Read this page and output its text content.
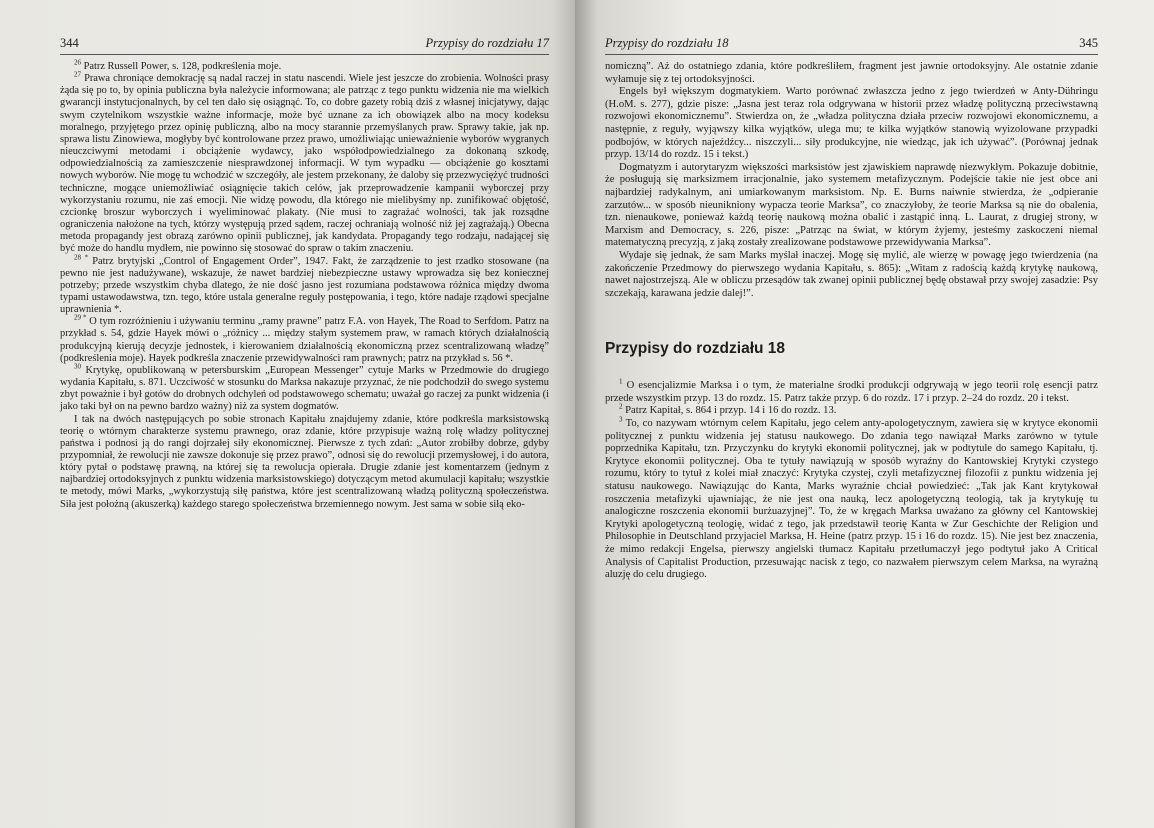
344	Przypisy do rozdziału 17

$^{26}$ Patrz Russell Power, s. 128, podkreślenia moje.

$^{27}$ Prawa chroniące demokrację są nadal raczej in statu nascendi. Wiele jest jeszcze do zrobienia. Wolności prasy żąda się po to, by opinia publiczna była należycie informowana; ale patrząc z tego punktu widzenia nie ma wielkich gwarancji instytucjonalnych, by cel ten dało się osiągnąć. To, co dobre gazety robią dziś z własnej inicjatywy, dając swym czytelnikom wszystkie ważne informacje, może być uznane za ich obowiązek albo na mocy kodeksu moralnego, przyjętego przez opinię publiczną, albo na mocy starannie przemyślanych praw. Sprawy takie, jak np. sprawa listu Zinowiewa, mogłyby być kontrolowane przez prawo, umożliwiając unieważnienie wyborów wygranych nieuczciwymi metodami i obciążenie wydawcy, jako współodpowiedzialnego za dokonaną szkodę, odpowiedzialnością za zamieszczenie niesprawdzonej informacji. W tym wypadku — obciążenie go kosztami nowych wyborów. Nie mogę tu wchodzić w szczegóły, ale jestem przekonany, że daloby się przezwyciężyć trudności techniczne, mogące uniemożliwiać osiągnięcie takich celów, jak przeprowadzenie kampanii wyborczej przy wykorzystaniu rozumu, nie zaś emocji. Nie widzę powodu, dla którego nie mielibyśmy np. zunifikować objętość, czcionkę broszur wyborczych i wyeliminować plakaty. (Nie musi to zagrażać wolności, tak jak rozsądne ograniczenia nałożone na tych, którzy występują przed sądem, raczej ochraniają wolność niż jej zagrażają.) Obecna metoda propagandy jest obrazą zarówno opinii publicznej, jak kandydata. Propagandy tego rodzaju, nadającej się być może do handlu mydłem, nie powinno się stosować do spraw o takim znaczeniu.

$^{28 *}$ Patrz brytyjski „Control of Engagement Order”, 1947. Fakt, że zarządzenie to jest rzadko stosowane (na pewno nie jest nadużywane), wskazuje, że nawet bardziej niebezpieczne ustawy wprowadza się bez koniecznej potrzeby; przede wszystkim chyba dlatego, że nie dość jasno jest rozumiana podstawowa różnica między dwoma typami ustawodawstwa, tzn. tego, które ustala generalne reguły postępowania, i tego, które nadaje rządowi specjalne uprawnienia *.

$^{29 *}$ O tym rozróżnieniu i używaniu terminu „ramy prawne” patrz F.A. von Hayek, The Road to Serfdom. Patrz na przykład s. 54, gdzie Hayek mówi o „różnicy ... między stałym systemem praw, w ramach których działalnością produkcyjną kierują decyzje jednostek, i kierowaniem działalnością ekonomiczną przez scentralizowaną władzę” (podkreślenia moje). Hayek podkreśla znaczenie przewidywalności ram prawnych; patrz na przykład s. 56 *.

$^{30}$ Krytykę, opublikowaną w petersburskim „European Messenger” cytuje Marks w Przedmowie do drugiego wydania Kapitału, s. 871. Uczciwość w stosunku do Marksa nakazuje przyznać, że nie podchodził do swego systemu zbyt poważnie i był gotów do drobnych odchyleń od podstawowego schematu; uważał go raczej za punkt widzenia (i jako taki był on na pewno bardzo ważny) niż za system dogmatów.

I tak na dwóch następujących po sobie stronach Kapitału znajdujemy zdanie, które podkreśla marksistowską teorię o wtórnym charakterze systemu prawnego, oraz zdanie, które przypisuje ważną rolę władzy politycznej państwa i podnosi ją do rangi dojrzałej siły ekonomicznej. Pierwsze z tych zdań: „Autor zrobiłby dobrze, gdyby przypomniał, że rewolucji nie zawsze dokonuje się przez prawo”, odnosi się do rewolucji przemysłowej, i do autora, który pytał o podstawę prawną, na której się ta rewolucja opierała. Drugie zdanie jest komentarzem (jednym z najbardziej ortodoksyjnych z punktu widzenia marksistowskiego) dotyczącym metod akumulacji kapitału; wszystkie te metody, mówi Marks, „wykorzystują siłę państwa, które jest scentralizowaną władzą polityczną społeczeństwa. Siła jest położną (akuszerką) każdego starego społeczeństwa brzemiennego nowym. Jest sama w sobie siłą eko-

Przypisy do rozdziału 18	345

nomiczną”. Aż do ostatniego zdania, które podkreśliłem, fragment jest jawnie ortodoksyjny. Ale ostatnie zdanie wyłamuje się z tej ortodoksyjności.

Engels był większym dogmatykiem. Warto porównać zwłaszcza jedno z jego twierdzeń w Anty-Dühringu (H.oM. s. 277), gdzie pisze: „Jasna jest teraz rola odgrywana w historii przez władzę polityczną przeciwstawną rozwojowi ekonomicznemu”. Stwierdza on, że „władza polityczna działa przeciw rozwojowi ekonomicznemu, a następnie, z reguły, wyjąwszy kilka wyjątków, ulega mu; te kilka wyjątków stanowią wyizolowane przypadki podbojów, w których najeźdźcy... niszczyli... siły produkcyjne, nie wiedząc, jak ich używać”. (Porównaj jednak przyp. 13/14 do rozdz. 15 i tekst.)

Dogmatyzm i autorytaryzm większości marksistów jest zjawiskiem naprawdę niezwykłym. Pokazuje dobitnie, że posługują się marksizmem irracjonalnie, jako systemem metafizycznym. Podejście takie nie jest obce ani najbardziej radykalnym, ani umiarkowanym marksistom. Np. E. Burns naiwnie stwierdza, że „odpieranie zarzutów... w sposób nieunikniony wypacza teorie Marksa”, co znaczyłoby, że teorie Marksa są nie do obalenia, tzn. nienaukowe, ponieważ każdą teorię naukową można obalić i zastąpić inną. L. Laurat, z drugiej strony, w Marxism and Democracy, s. 226, pisze: „Patrząc na świat, w którym żyjemy, jesteśmy zaskoczeni niemal matematyczną precyzją, z jaką zostały zrealizowane podstawowe przewidywania Marksa”.

Wydaje się jednak, że sam Marks myślał inaczej. Mogę się mylić, ale wierzę w powagę jego twierdzenia (na zakończenie Przedmowy do pierwszego wydania Kapitału, s. 865): „Witam z radością każdą krytykę naukową, nawet najostrzejszą. Ale w obliczu przesądów tak zwanej opinii publicznej będę obstawał przy swojej zasadzie: Psy szczekają, karawana jedzie dalej!”.

Przypisy do rozdziału 18

$^1$ O esencjalizmie Marksa i o tym, że materialne środki produkcji odgrywają w jego teorii rolę esencji patrz przede wszystkim przyp. 13 do rozdz. 15. Patrz także przyp. 6 do rozdz. 17 i przyp. 2–24 do rozdz. 20 i tekst.

$^2$ Patrz Kapitał, s. 864 i przyp. 14 i 16 do rozdz. 13.

$^3$ To, co nazywam wtórnym celem Kapitału, jego celem anty-apologetycznym, zawiera się w krytyce ekonomii politycznej z punktu widzenia jej statusu naukowego. Do zdania tego nawiązał Marks zarówno w tytule poprzednika Kapitału, tzn. Przyczynku do krytyki ekonomii politycznej, jak w podtytule do samego Kapitału, tj. Krytyce ekonomii politycznej. Oba te tytuły nawiązują w sposób wyraźny do Kantowskiej Krytyki czystego rozumu, który to tytuł z kolei miał znaczyć: Krytyka czystej, czyli metafizycznej filozofii z punktu widzenia jej statusu naukowego. Nawiązując do Kanta, Marks wyraźnie chciał powiedzieć: „Tak jak Kant krytykował roszczenia metafizyki ujawniając, że nie jest ona nauką, lecz apologetyczną teologią, tak ja krytykuję tu analogiczne roszczenia ekonomii burżuazyjnej”. To, że w kręgach Marksa uważano za główny cel Kantowskiej Krytyki apologetyczną teologię, widać z tego, jak przedstawił teorię Kanta w Zur Geschichte der Religion und Philosophie in Deutschland przyjaciel Marksa, H. Heine (patrz przyp. 15 i 16 do rozdz. 15). Nie jest bez znaczenia, że mimo redakcji Engelsa, pierwszy angielski tłumacz Kapitału przetłumaczył jego podtytuł jako A Critical Analysis of Capitalist Production, przesuwając nacisk z tego, co nazwałem pierwszym celem Marksa, na wyraźną aluzję do celu drugiego.
